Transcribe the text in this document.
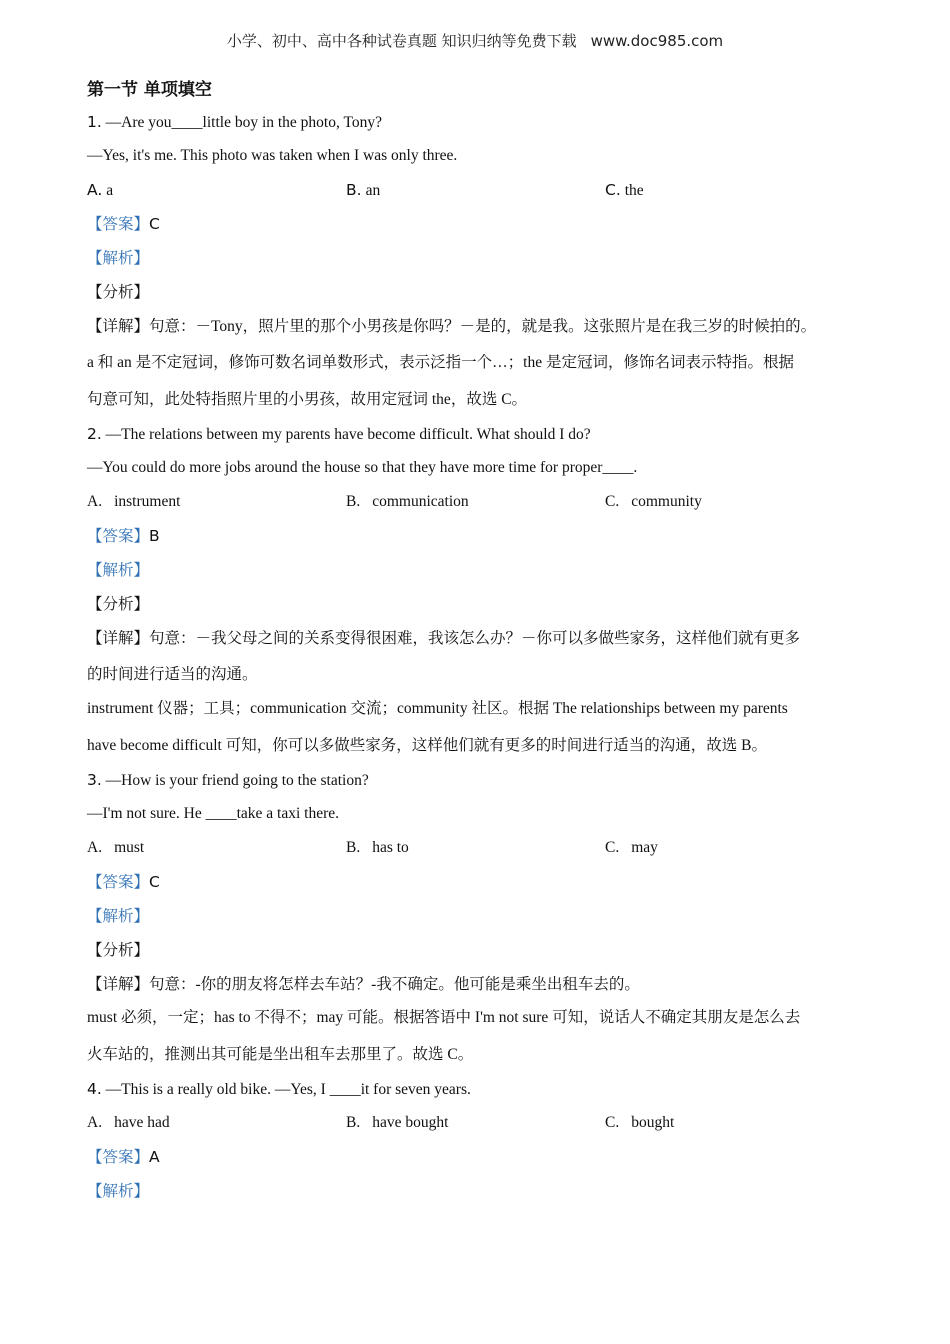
小学、初中、高中各种试卷真题 知识归纳等免费下载 www.doc985.com
第一节 单项填空
1. —Are you____little boy in the photo, Tony?
—Yes, it's me. This photo was taken when I was only three.
A. a	B. an	C. the
【答案】C
【解析】
【分析】
【详解】句意：－Tony，照片里的那个小男孩是你吗？－是的，就是我。这张照片是在我三岁的时候拍的。
a 和 an 是不定冠词，修饰可数名词单数形式，表示泛指一个…；the 是定冠词，修饰名词表示特指。根据
句意可知，此处特指照片里的小男孩，故用定冠词 the，故选 C。
2. —The relations between my parents have become difficult. What should I do?
—You could do more jobs around the house so that they have more time for proper____.
A. instrument	B. communication	C. community
【答案】B
【解析】
【分析】
【详解】句意：－我父母之间的关系变得很困难，我该怎么办？－你可以多做些家务，这样他们就有更多
的时间进行适当的沟通。
instrument 仪器；工具；communication 交流；community 社区。根据 The relationships between my parents
have become difficult 可知，你可以多做些家务，这样他们就有更多的时间进行适当的沟通，故选 B。
3. —How is your friend going to the station?
—I'm not sure. He ____take a taxi there.
A. must	B. has to	C. may
【答案】C
【解析】
【分析】
【详解】句意：-你的朋友将怎样去车站？-我不确定。他可能是乘坐出租车去的。
must 必须，一定；has to 不得不；may 可能。根据答语中 I'm not sure 可知，说话人不确定其朋友是怎么去
火车站的，推测出其可能是坐出租车去那里了。故选 C。
4. —This is a really old bike. —Yes, I ____it for seven years.
A. have had	B. have bought	C. bought
【答案】A
【解析】
